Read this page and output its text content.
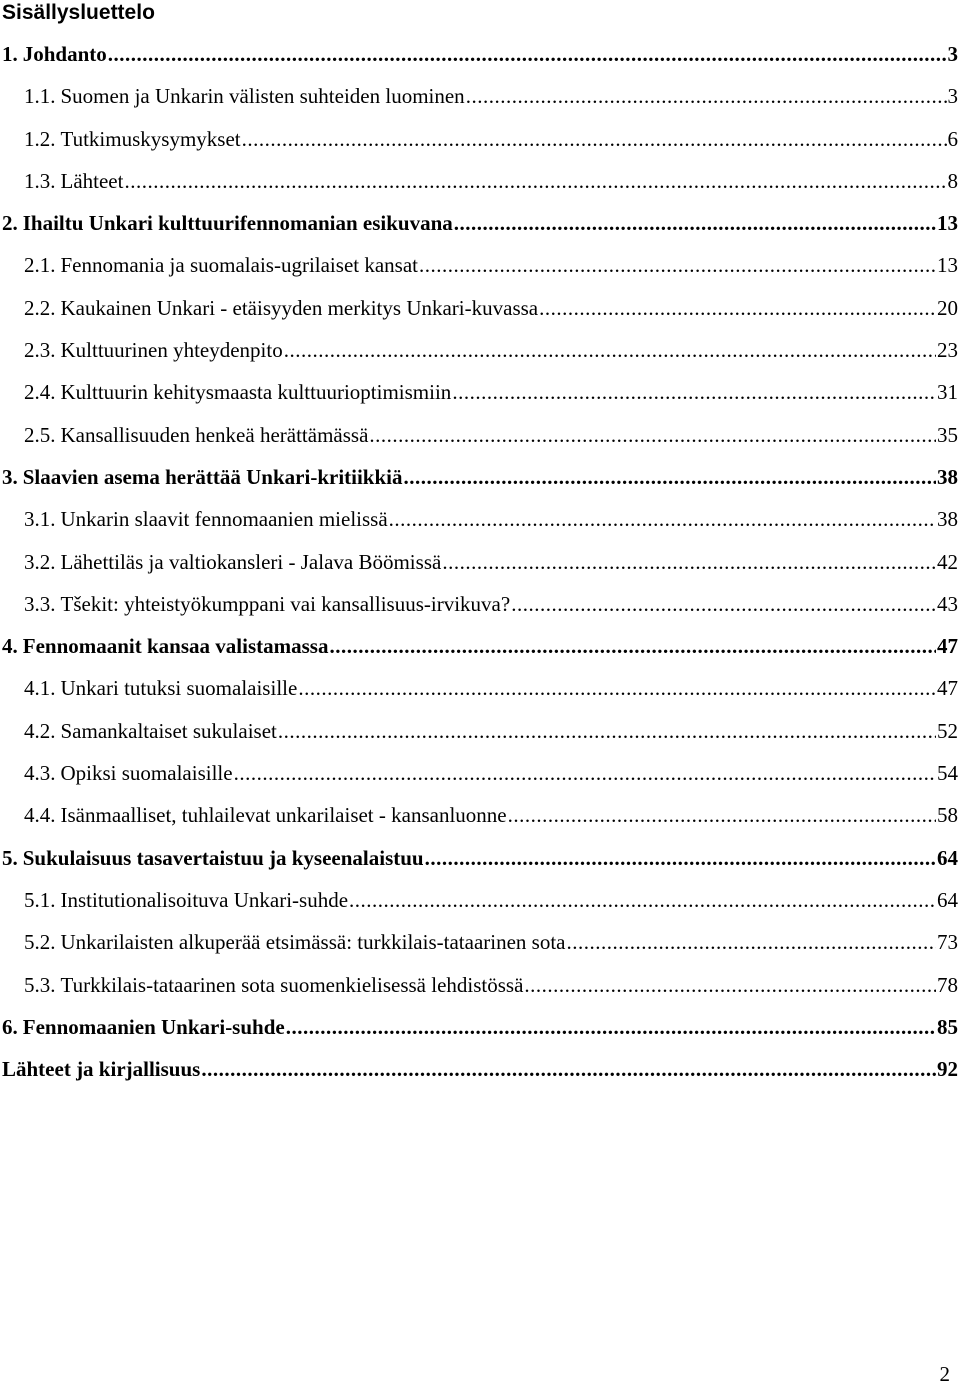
Sisällysluettelo
1. Johdanto .....	3
1.1. Suomen ja Unkarin välisten suhteiden luominen .....	3
1.2. Tutkimuskysymykset .....	6
1.3. Lähteet .....	8
2. Ihailtu Unkari kulttuurifennomanian esikuvana .....	13
2.1. Fennomania ja suomalais-ugrilaiset kansat .....	13
2.2. Kaukainen Unkari - etäisyyden merkitys Unkari-kuvassa .....	20
2.3. Kulttuurinen yhteydenpito .....	23
2.4. Kulttuurin kehitysmaasta kulttuurioptimismiin .....	31
2.5. Kansallisuuden henkeä herättämässä .....	35
3. Slaavien asema herättää Unkari-kritiikkiä .....	38
3.1. Unkarin slaavit fennomaanien mielissä .....	38
3.2. Lähettiläs ja valtiokansleri - Jalava Böömissä .....	42
3.3. Tšekit: yhteistyökumppani vai kansallisuus-irvikuva? .....	43
4. Fennomaanit kansaa valistamassa .....	47
4.1. Unkari tutuksi suomalaisille .....	47
4.2. Samankaltaiset sukulaiset .....	52
4.3. Opiksi suomalaisille .....	54
4.4. Isänmaalliset, tuhlailevat unkarilaiset - kansanluonne .....	58
5. Sukulaisuus tasavertaistuu ja kyseenalaistuu .....	64
5.1. Institutionalisoituva Unkari-suhde .....	64
5.2. Unkarilaisten alkuperää etsimässä: turkkilais-tataarinen sota .....	73
5.3. Turkkilais-tataarinen sota suomenkielisessä lehdistössä .....	78
6. Fennomaanien Unkari-suhde .....	85
Lähteet ja kirjallisuus .....	92
2
